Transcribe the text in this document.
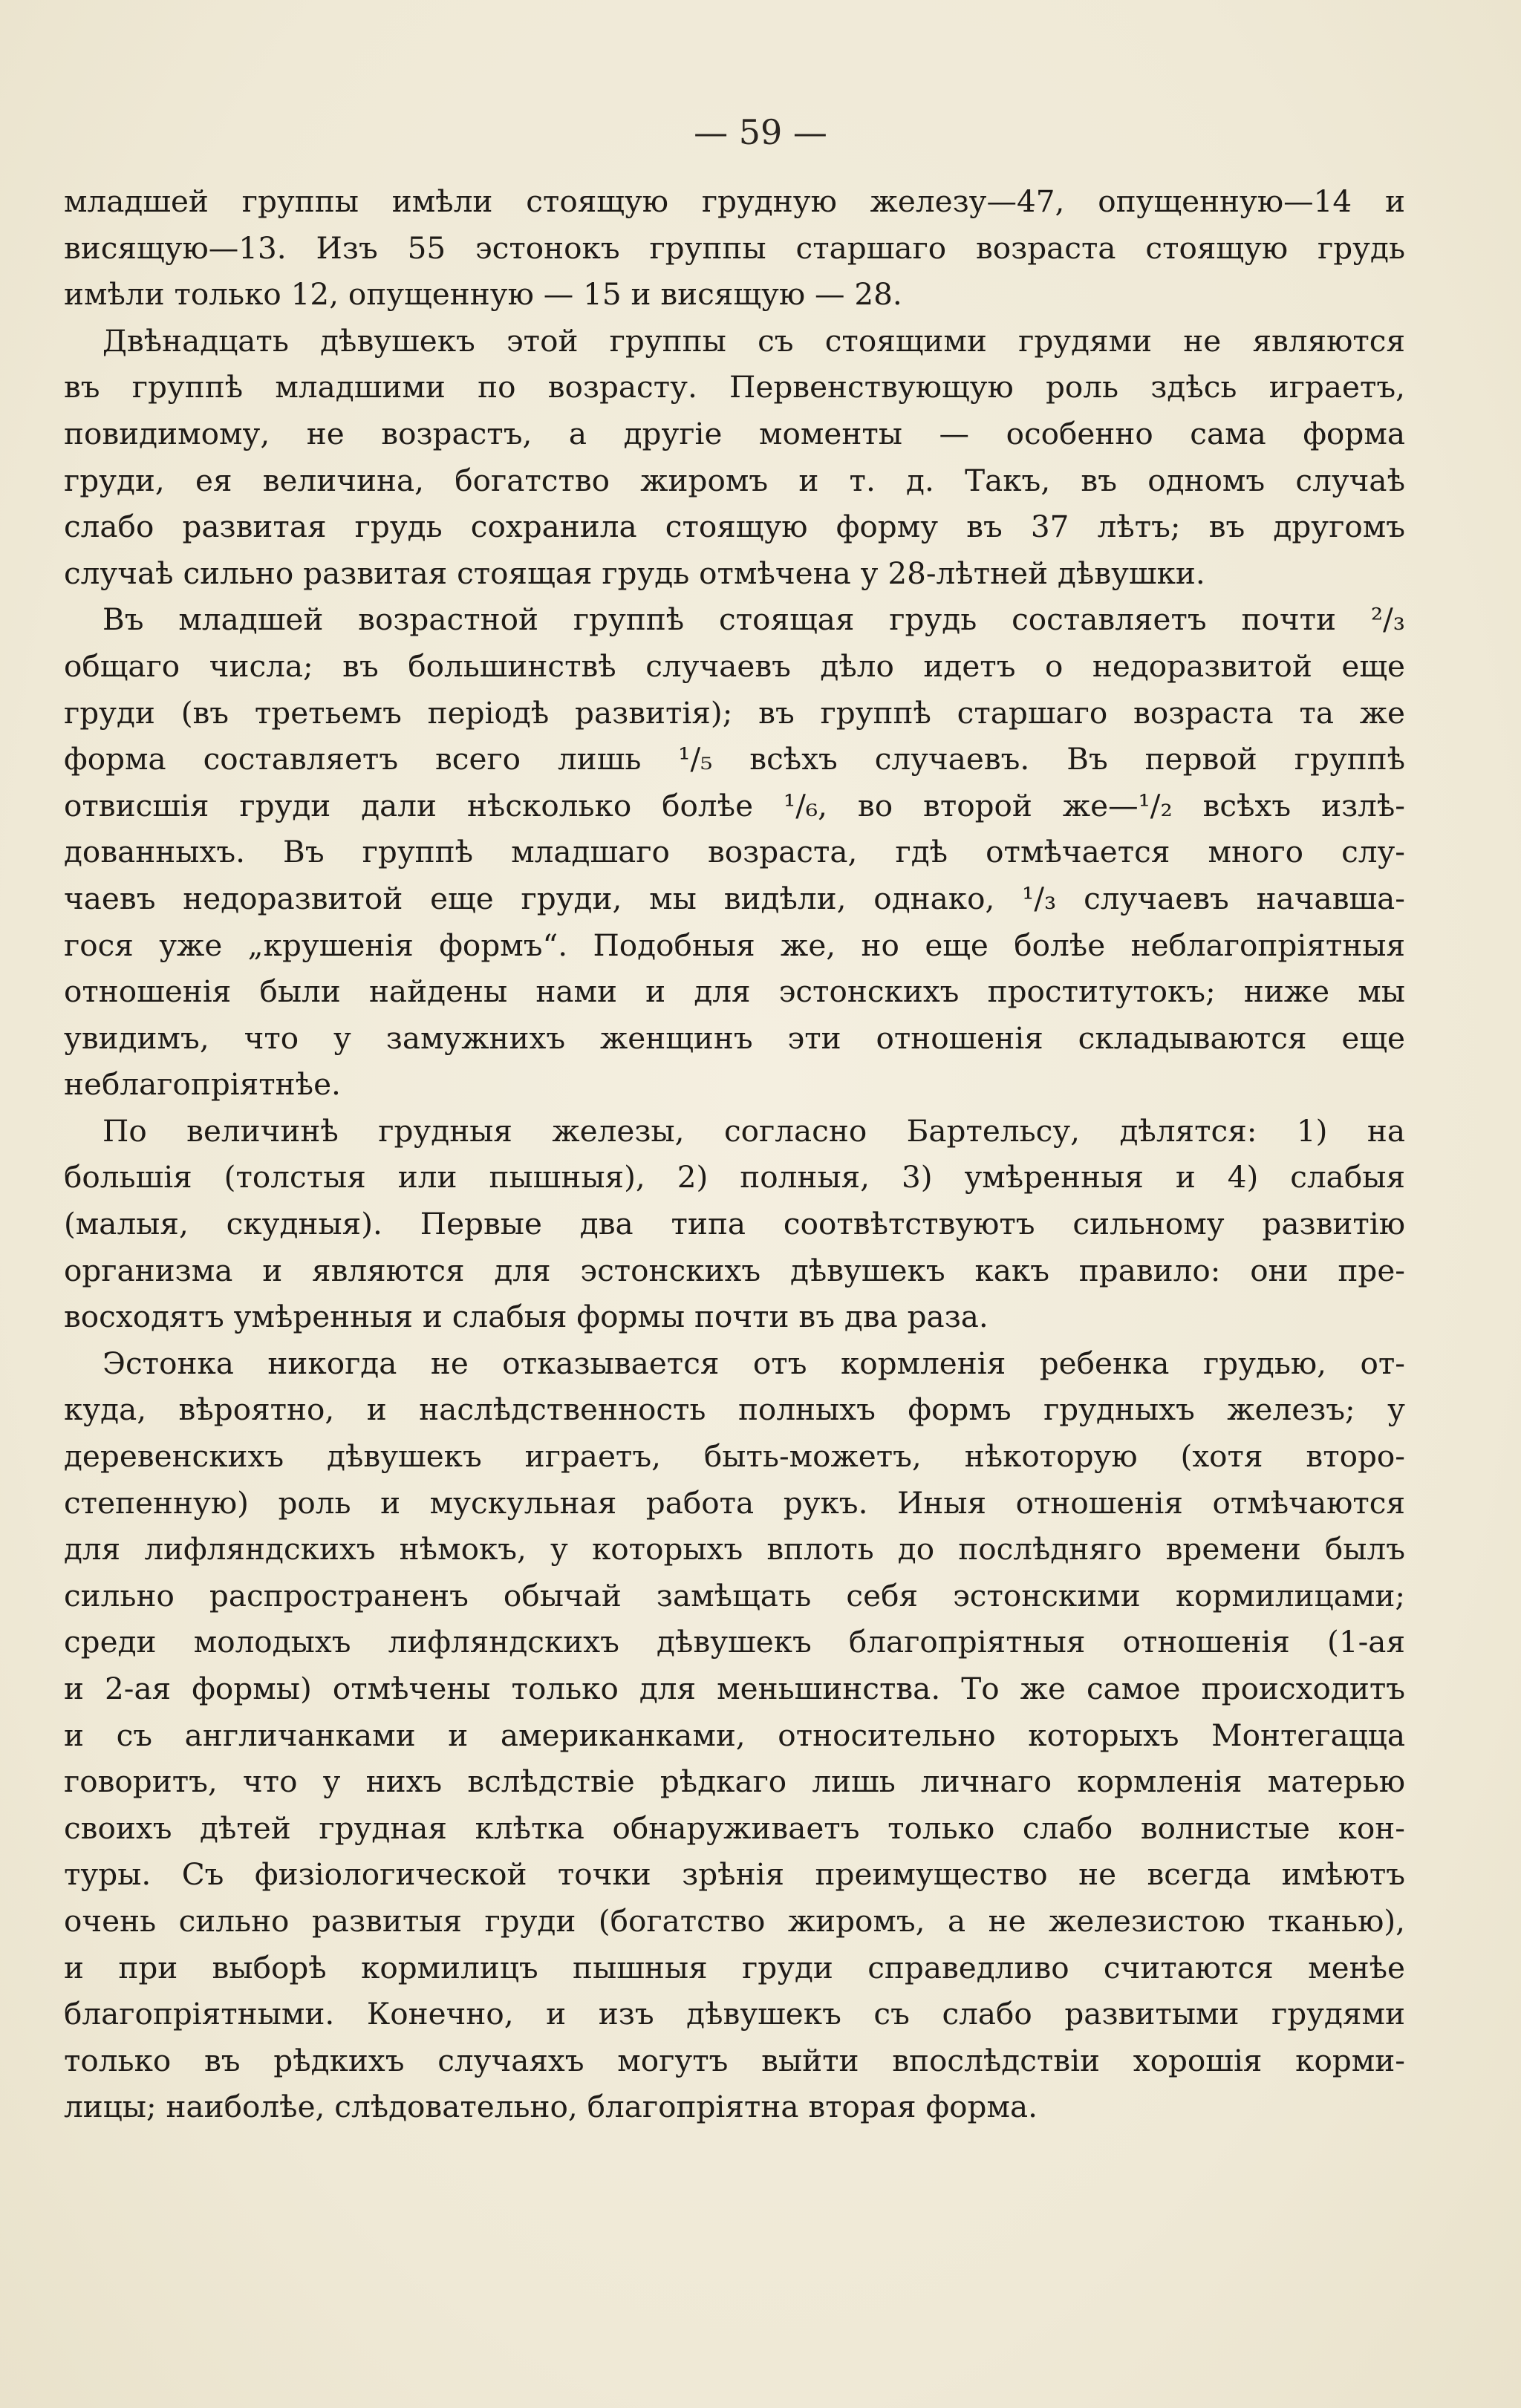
— 59 —
младшей группы имѣли стоящую грудную железу—47, опущенную—14 и
висящую—13. Изъ 55 эстонокъ группы старшаго возраста стоящую грудь
имѣли только 12, опущенную — 15 и висящую — 28.
Двѣнадцать дѣвушекъ этой группы съ стоящими грудями не являются
въ группѣ младшими по возрасту. Первенствующую роль здѣсь играетъ,
повидимому, не возрастъ, а другіе моменты — особенно сама форма
груди, ея величина, богатство жиромъ и т. д. Такъ, въ одномъ случаѣ
слабо развитая грудь сохранила стоящую форму въ 37 лѣтъ; въ другомъ
случаѣ сильно развитая стоящая грудь отмѣчена у 28-лѣтней дѣвушки.
Въ младшей возрастной группѣ стоящая грудь составляетъ почти ²/₃
общаго числа; въ большинствѣ случаевъ дѣло идетъ о недоразвитой еще
груди (въ третьемъ періодѣ развитія); въ группѣ старшаго возраста та же
форма составляетъ всего лишь ¹/₅ всѣхъ случаевъ. Въ первой группѣ
отвисшія груди дали нѣсколько болѣе ¹/₆, во второй же—¹/₂ всѣхъ излѣ-
дованныхъ. Въ группѣ младшаго возраста, гдѣ отмѣчается много слу-
чаевъ недоразвитой еще груди, мы видѣли, однако, ¹/₃ случаевъ начавша-
гося уже „крушенія формъ“. Подобныя же, но еще болѣе неблагопріятныя
отношенія были найдены нами и для эстонскихъ проститутокъ; ниже мы
увидимъ, что у замужнихъ женщинъ эти отношенія складываются еще
неблагопріятнѣе.
По величинѣ грудныя железы, согласно Бартельсу, дѣлятся: 1) на
большія (толстыя или пышныя), 2) полныя, 3) умѣренныя и 4) слабыя
(малыя, скудныя). Первые два типа соотвѣтствуютъ сильному развитію
организма и являются для эстонскихъ дѣвушекъ какъ правило: они пре-
восходятъ умѣренныя и слабыя формы почти въ два раза.
Эстонка никогда не отказывается отъ кормленія ребенка грудью, от-
куда, вѣроятно, и наслѣдственность полныхъ формъ грудныхъ железъ; у
деревенскихъ дѣвушекъ играетъ, быть-можетъ, нѣкоторую (хотя второ-
степенную) роль и мускульная работа рукъ. Иныя отношенія отмѣчаются
для лифляндскихъ нѣмокъ, у которыхъ вплоть до послѣдняго времени былъ
сильно распространенъ обычай замѣщать себя эстонскими кормилицами;
среди молодыхъ лифляндскихъ дѣвушекъ благопріятныя отношенія (1-ая
и 2-ая формы) отмѣчены только для меньшинства. То же самое происходитъ
и съ англичанками и американками, относительно которыхъ Монтегацца
говоритъ, что у нихъ вслѣдствіе рѣдкаго лишь личнаго кормленія матерью
своихъ дѣтей грудная клѣтка обнаруживаетъ только слабо волнистые кон-
туры. Съ физіологической точки зрѣнія преимущество не всегда имѣютъ
очень сильно развитыя груди (богатство жиромъ, а не железистою тканью),
и при выборѣ кормилицъ пышныя груди справедливо считаются менѣе
благопріятными. Конечно, и изъ дѣвушекъ съ слабо развитыми грудями
только въ рѣдкихъ случаяхъ могутъ выйти впослѣдствіи хорошія корми-
лицы; наиболѣе, слѣдовательно, благопріятна вторая форма.
